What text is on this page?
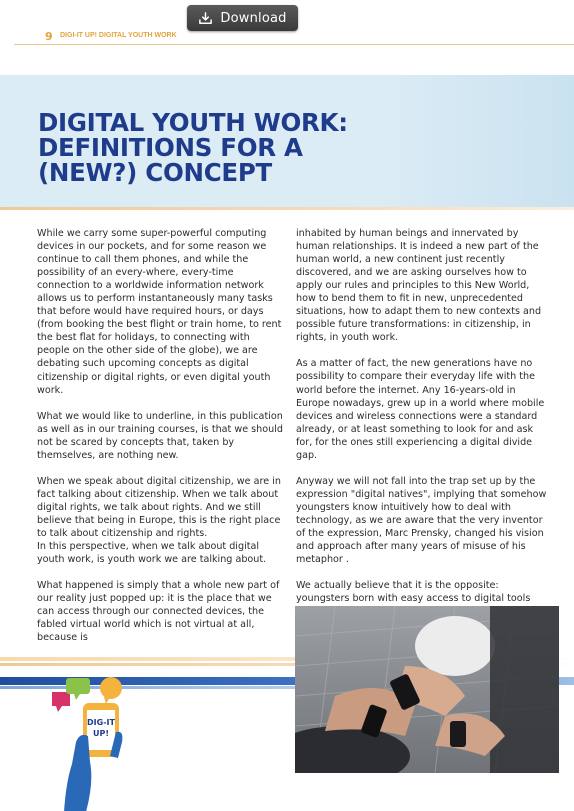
Download
9 DIGI-IT UP! DIGITAL YOUTH WORK
DIGITAL YOUTH WORK:
DEFINITIONS FOR A
(NEW?) CONCEPT

While we carry some super-powerful computing devices in our pockets, and for some reason we continue to call them phones, and while the possibility of an every-where, every-time connection to a worldwide information network allows us to perform instantaneously many tasks that before would have required hours, or days (from booking the best flight or train home, to rent the best flat for holidays, to connecting with people on the other side of the globe), we are debating such upcoming concepts as digital citizenship or digital rights, or even digital youth work.

What we would like to underline, in this publication as well as in our training courses, is that we should not be scared by concepts that, taken by themselves, are nothing new.

When we speak about digital citizenship, we are in fact talking about citizenship. When we talk about digital rights, we talk about rights. And we still believe that being in Europe, this is the right place to talk about citizenship and rights.

In this perspective, when we talk about digital youth work, is youth work we are talking about.

What happened is simply that a whole new part of our reality just popped up: it is the place that we can access through our connected devices, the fabled virtual world which is not virtual at all, because is

inhabited by human beings and innervated by human relationships. It is indeed a new part of the human world, a new continent just recently discovered, and we are asking ourselves how to apply our rules and principles to this New World, how to bend them to fit in new, unprecedented situations, how to adapt them to new contexts and possible future transformations: in citizenship, in rights, in youth work.

As a matter of fact, the new generations have no possibility to compare their everyday life with the world before the internet. Any 16-years-old in Europe nowadays, grew up in a world where mobile devices and wireless connections were a standard already, or at least something to look for and ask for, for the ones still experiencing a digital divide gap.

Anyway we will not fall into the trap set up by the expression "digital natives", implying that somehow youngsters know intuitively how to deal with technology, as we are aware that the very inventor of the expression, Marc Prensky, changed his vision and approach after many years of misuse of his metaphor .

We actually believe that it is the opposite: youngsters born with easy access to digital tools

DIG-IT
UP!
